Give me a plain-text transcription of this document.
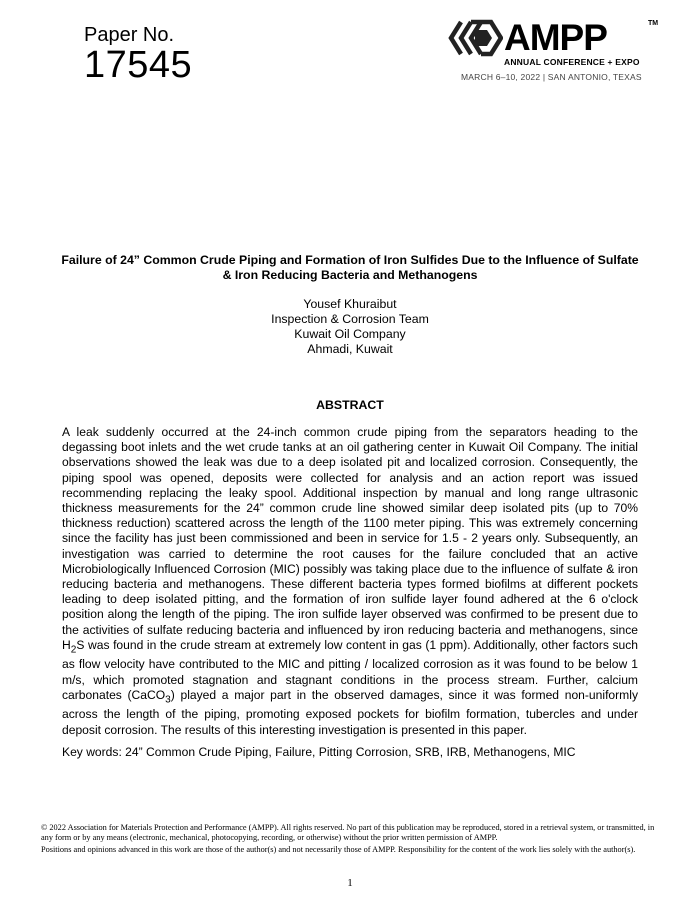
Paper No.
17545
AMPP	TM
ANNUAL CONFERENCE + EXPO
MARCH 6–10, 2022 | SAN ANTONIO, TEXAS
Failure of 24” Common Crude Piping and Formation of Iron Sulfides Due to the Influence of Sulfate & Iron Reducing Bacteria and Methanogens
Yousef Khuraibut
Inspection & Corrosion Team
Kuwait Oil Company
Ahmadi, Kuwait
ABSTRACT
A leak suddenly occurred at the 24-inch common crude piping from the separators heading to the degassing boot inlets and the wet crude tanks at an oil gathering center in Kuwait Oil Company. The initial observations showed the leak was due to a deep isolated pit and localized corrosion. Consequently, the piping spool was opened, deposits were collected for analysis and an action report was issued recommending replacing the leaky spool. Additional inspection by manual and long range ultrasonic thickness measurements for the 24” common crude line showed similar deep isolated pits (up to 70% thickness reduction) scattered across the length of the 1100 meter piping. This was extremely concerning since the facility has just been commissioned and been in service for 1.5 - 2 years only. Subsequently, an investigation was carried to determine the root causes for the failure concluded that an active Microbiologically Influenced Corrosion (MIC) possibly was taking place due to the influence of sulfate & iron reducing bacteria and methanogens. These different bacteria types formed biofilms at different pockets leading to deep isolated pitting, and the formation of iron sulfide layer found adhered at the 6 o'clock position along the length of the piping. The iron sulfide layer observed was confirmed to be present due to the activities of sulfate reducing bacteria and influenced by iron reducing bacteria and methanogens, since $H_2S$ was found in the crude stream at extremely low content in gas (1 ppm). Additionally, other factors such as flow velocity have contributed to the MIC and pitting / localized corrosion as it was found to be below 1 m/s, which promoted stagnation and stagnant conditions in the process stream. Further, calcium carbonates (CaCO$_3$) played a major part in the observed damages, since it was formed non-uniformly across the length of the piping, promoting exposed pockets for biofilm formation, tubercles and under deposit corrosion. The results of this interesting investigation is presented in this paper.
Key words: 24” Common Crude Piping, Failure, Pitting Corrosion, SRB, IRB, Methanogens, MIC

© 2022 Association for Materials Protection and Performance (AMPP). All rights reserved. No part of this publication may be reproduced, stored in a retrieval system, or transmitted, in any form or by any means (electronic, mechanical, photocopying, recording, or otherwise) without the prior written permission of AMPP.

Positions and opinions advanced in this work are those of the author(s) and not necessarily those of AMPP. Responsibility for the content of the work lies solely with the author(s).

1
